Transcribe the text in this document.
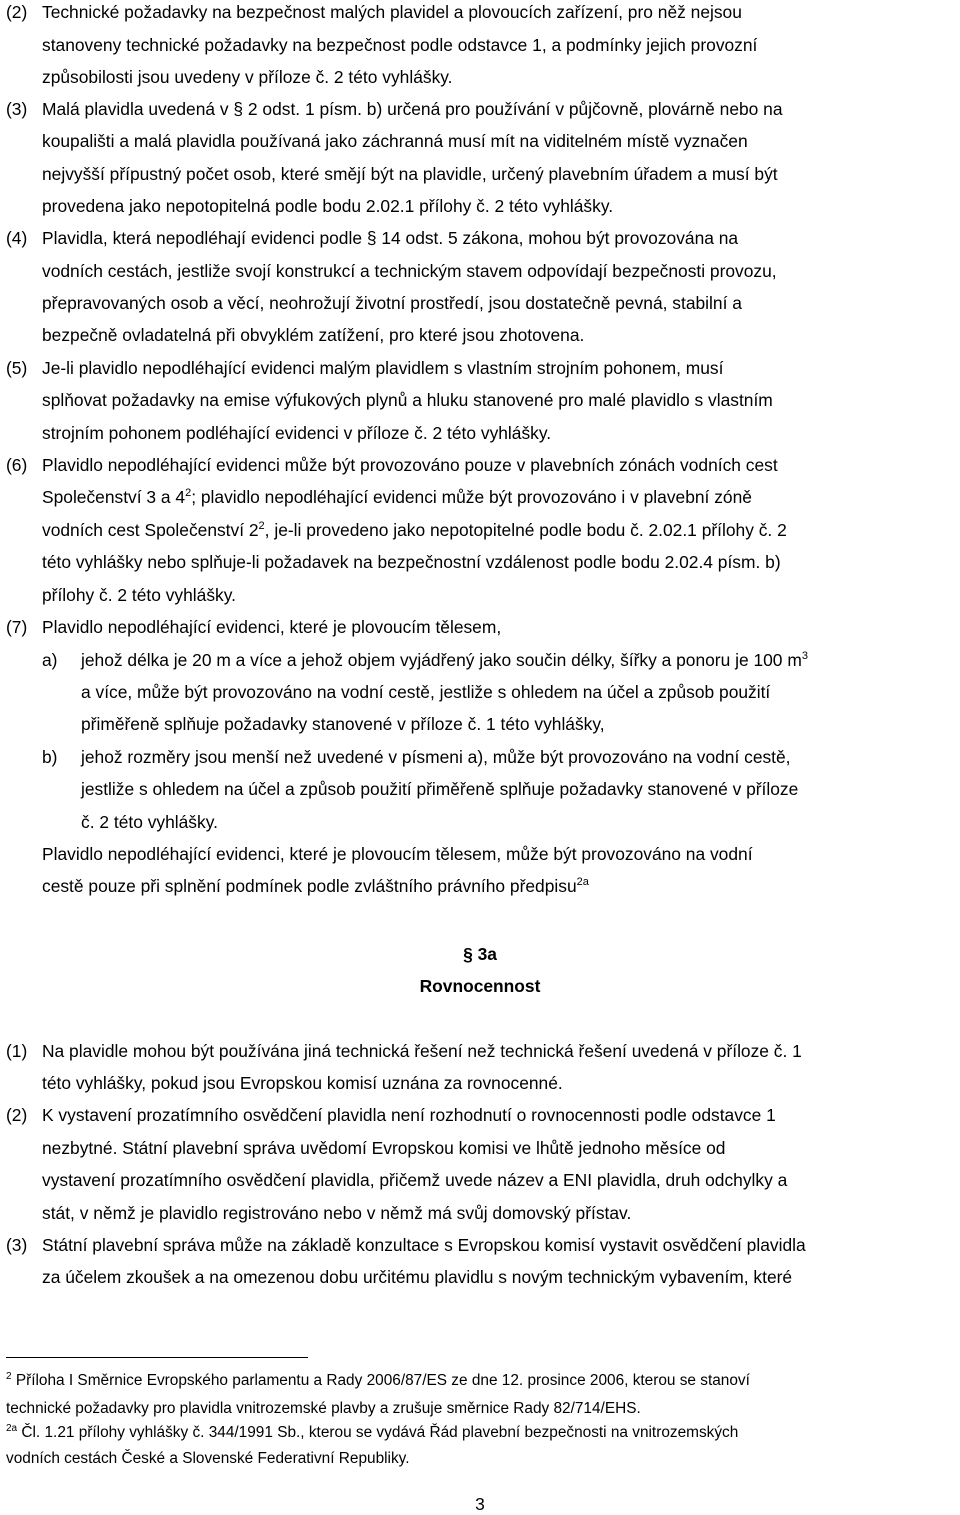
(2) Technické požadavky na bezpečnost malých plavidel a plovoucích zařízení, pro něž nejsou
stanoveny technické požadavky na bezpečnost podle odstavce 1, a podmínky jejich provozní
způsobilosti jsou uvedeny v příloze č. 2 této vyhlášky.
(3) Malá plavidla uvedená v § 2 odst. 1 písm. b) určená pro používání v půjčovně, plovárně nebo na
koupališti a malá plavidla používaná jako záchranná musí mít na viditelném místě vyznačen
nejvyšší přípustný počet osob, které smějí být na plavidle, určený plavebním úřadem a musí být
provedena jako nepotopitelná podle bodu 2.02.1 přílohy č. 2 této vyhlášky.
(4) Plavidla, která nepodléhají evidenci podle § 14 odst. 5 zákona, mohou být provozována na
vodních cestách, jestliže svojí konstrukcí a technickým stavem odpovídají bezpečnosti provozu,
přepravovaných osob a věcí, neohrožují životní prostředí, jsou dostatečně pevná, stabilní a
bezpečně ovladatelná při obvyklém zatížení, pro které jsou zhotovena.
(5) Je-li plavidlo nepodléhající evidenci malým plavidlem s vlastním strojním pohonem, musí
splňovat požadavky na emise výfukových plynů a hluku stanovené pro malé plavidlo s vlastním
strojním pohonem podléhající evidenci v příloze č. 2 této vyhlášky.
(6) Plavidlo nepodléhající evidenci může být provozováno pouze v plavebních zónách vodních cest
Společenství 3 a $4^2$; plavidlo nepodléhající evidenci může být provozováno i v plavební zóně
vodních cest Společenství $2^2$, je-li provedeno jako nepotopitelné podle bodu č. 2.02.1 přílohy č. 2
této vyhlášky nebo splňuje-li požadavek na bezpečnostní vzdálenost podle bodu 2.02.4 písm. b)
přílohy č. 2 této vyhlášky.
(7) Plavidlo nepodléhající evidenci, které je plovoucím tělesem,
a) jehož délka je 20 m a více a jehož objem vyjádřený jako součin délky, šířky a ponoru je 100 $m^3$
a více, může být provozováno na vodní cestě, jestliže s ohledem na účel a způsob použití
přiměřeně splňuje požadavky stanovené v příloze č. 1 této vyhlášky,
b) jehož rozměry jsou menší než uvedené v písmeni a), může být provozováno na vodní cestě,
jestliže s ohledem na účel a způsob použití přiměřeně splňuje požadavky stanovené v příloze
č. 2 této vyhlášky.
Plavidlo nepodléhající evidenci, které je plovoucím tělesem, může být provozováno na vodní
cestě pouze při splnění podmínek podle zvláštního právního předpisu$^{2a}$
§ 3a
Rovnocennost
(1) Na plavidle mohou být používána jiná technická řešení než technická řešení uvedená v příloze č. 1
této vyhlášky, pokud jsou Evropskou komisí uznána za rovnocenné.
(2) K vystavení prozatímního osvědčení plavidla není rozhodnutí o rovnocennosti podle odstavce 1
nezbytné. Státní plavební správa uvědomí Evropskou komisi ve lhůtě jednoho měsíce od
vystavení prozatímního osvědčení plavidla, přičemž uvede název a ENI plavidla, druh odchylky a
stát, v němž je plavidlo registrováno nebo v němž má svůj domovský přístav.
(3) Státní plavební správa může na základě konzultace s Evropskou komisí vystavit osvědčení plavidla
za účelem zkoušek a na omezenou dobu určitému plavidlu s novým technickým vybavením, které
$^2$ Příloha I Směrnice Evropského parlamentu a Rady 2006/87/ES ze dne 12. prosince 2006, kterou se stanoví
technické požadavky pro plavidla vnitrozemské plavby a zrušuje směrnice Rady 82/714/EHS.
$^{2a}$ Čl. 1.21 přílohy vyhlášky č. 344/1991 Sb., kterou se vydává Řád plavební bezpečnosti na vnitrozemských
vodních cestách České a Slovenské Federativní Republiky.
3
